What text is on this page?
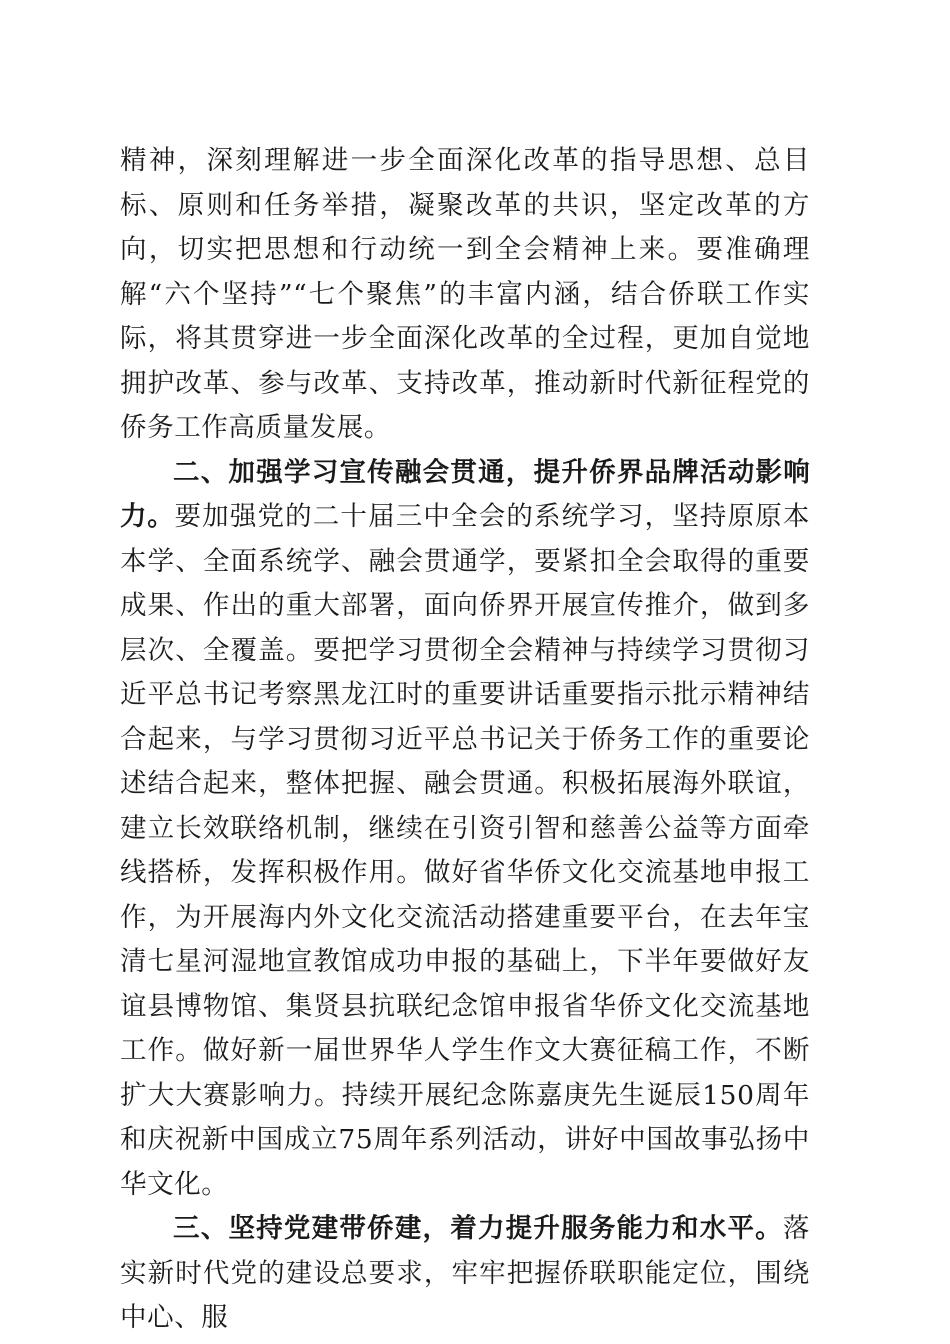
精神，深刻理解进一步全面深化改革的指导思想、总目标、原则和任务举措，凝聚改革的共识，坚定改革的方向，切实把思想和行动统一到全会精神上来。要准确理解“六个坚持”“七个聚焦”的丰富内涵，结合侨联工作实际，将其贯穿进一步全面深化改革的全过程，更加自觉地拥护改革、参与改革、支持改革，推动新时代新征程党的侨务工作高质量发展。

二、加强学习宣传融会贯通，提升侨界品牌活动影响力。要加强党的二十届三中全会的系统学习，坚持原原本本学、全面系统学、融会贯通学，要紧扣全会取得的重要成果、作出的重大部署，面向侨界开展宣传推介，做到多层次、全覆盖。要把学习贯彻全会精神与持续学习贯彻习近平总书记考察黑龙江时的重要讲话重要指示批示精神结合起来，与学习贯彻习近平总书记关于侨务工作的重要论述结合起来，整体把握、融会贯通。积极拓展海外联谊，建立长效联络机制，继续在引资引智和慈善公益等方面牵线搭桥，发挥积极作用。做好省华侨文化交流基地申报工作，为开展海内外文化交流活动搭建重要平台，在去年宝清七星河湿地宣教馆成功申报的基础上，下半年要做好友谊县博物馆、集贤县抗联纪念馆申报省华侨文化交流基地工作。做好新一届世界华人学生作文大赛征稿工作，不断扩大大赛影响力。持续开展纪念陈嘉庚先生诞辰150周年和庆祝新中国成立75周年系列活动，讲好中国故事弘扬中华文化。

三、坚持党建带侨建，着力提升服务能力和水平。落实新时代党的建设总要求，牢牢把握侨联职能定位，围绕中心、服
